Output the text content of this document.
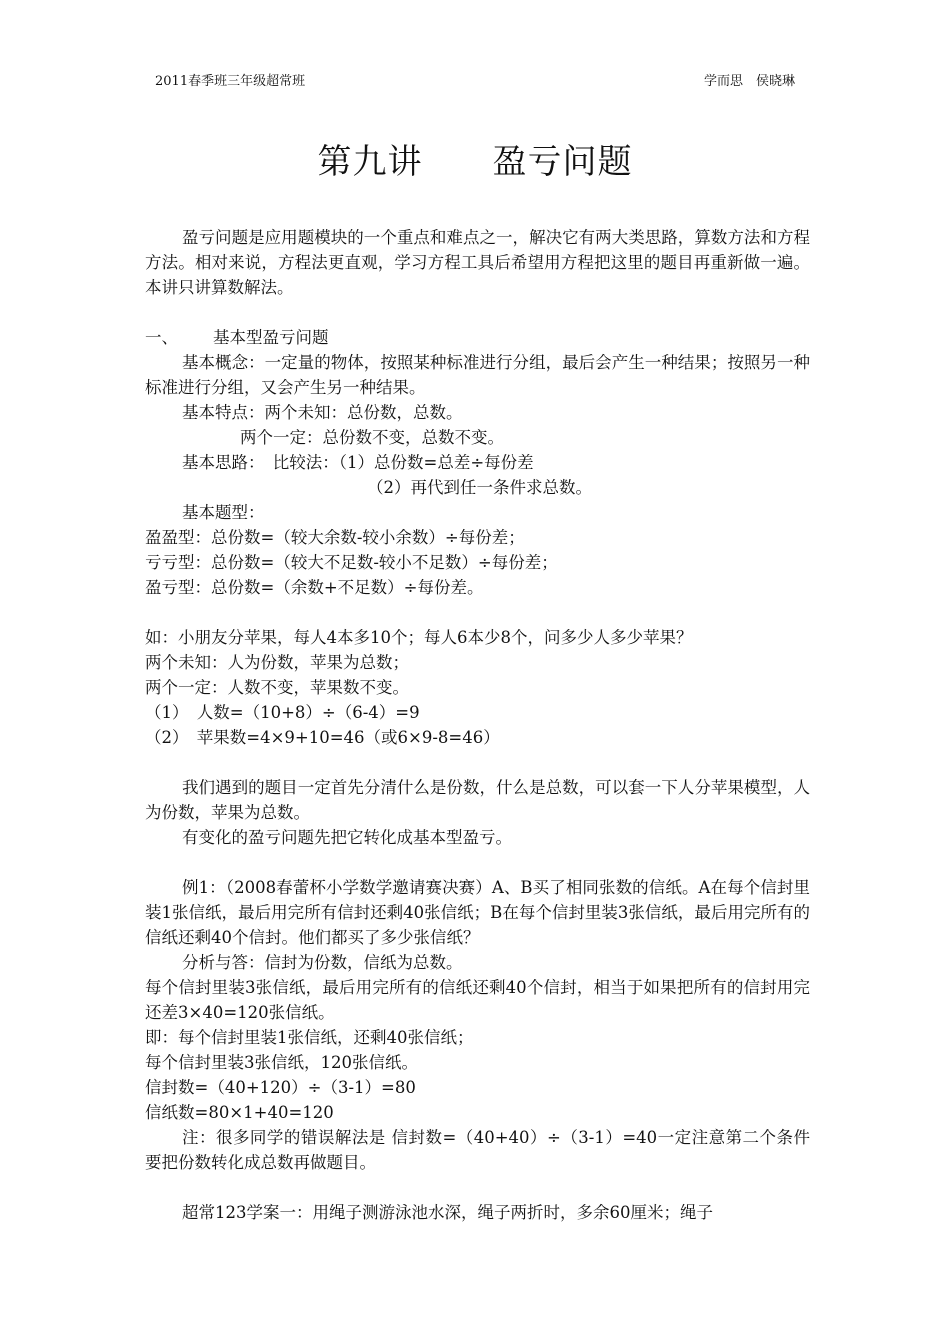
2011春季班三年级超常班	学而思　侯晓琳
第九讲 盈亏问题

盈亏问题是应用题模块的一个重点和难点之一，解决它有两大类思路，算数方法和方程方法。相对来说，方程法更直观，学习方程工具后希望用方程把这里的题目再重新做一遍。本讲只讲算数解法。

一、 基本型盈亏问题

基本概念：一定量的物体，按照某种标准进行分组，最后会产生一种结果；按照另一种标准进行分组，又会产生另一种结果。

基本特点：两个未知：总份数，总数。

两个一定：总份数不变，总数不变。

基本思路：　比较法：（1）总份数=总差÷每份差

（2）再代到任一条件求总数。

基本题型：

盈盈型：总份数=（较大余数-较小余数）÷每份差；

亏亏型：总份数=（较大不足数-较小不足数）÷每份差；

盈亏型：总份数=（余数+不足数）÷每份差。

如：小朋友分苹果，每人4本多10个；每人6本少8个，问多少人多少苹果？

两个未知：人为份数，苹果为总数；

两个一定：人数不变，苹果数不变。

（1）　人数=（10+8）÷（6-4）=9

（2）　苹果数=4×9+10=46（或6×9-8=46）

我们遇到的题目一定首先分清什么是份数，什么是总数，可以套一下人分苹果模型，人为份数，苹果为总数。

有变化的盈亏问题先把它转化成基本型盈亏。

例1：（2008春蕾杯小学数学邀请赛决赛）A、B买了相同张数的信纸。A在每个信封里装1张信纸，最后用完所有信封还剩40张信纸；B在每个信封里装3张信纸，最后用完所有的信纸还剩40个信封。他们都买了多少张信纸？

分析与答：信封为份数，信纸为总数。

每个信封里装3张信纸，最后用完所有的信纸还剩40个信封，相当于如果把所有的信封用完还差3×40=120张信纸。

即：每个信封里装1张信纸，还剩40张信纸；

每个信封里装3张信纸，120张信纸。

信封数=（40+120）÷（3-1）=80

信纸数=80×1+40=120

注：很多同学的错误解法是 信封数=（40+40）÷（3-1）=40一定注意第二个条件要把份数转化成总数再做题目。

超常123学案一：用绳子测游泳池水深，绳子两折时，多余60厘米；绳子
